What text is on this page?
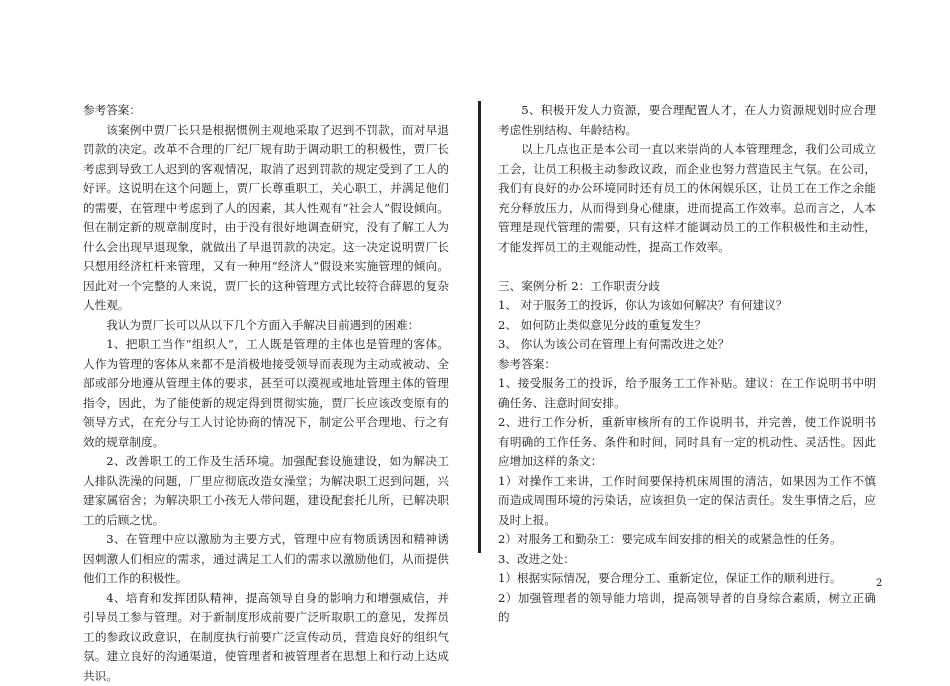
参考答案：

该案例中贾厂长只是根据惯例主观地采取了迟到不罚款，而对早退罚款的决定。改革不合理的厂纪厂规有助于调动职工的积极性，贾厂长考虑到导致工人迟到的客观情况，取消了迟到罚款的规定受到了工人的好评。这说明在这个问题上，贾厂长尊重职工，关心职工，并满足他们的需要，在管理中考虑到了人的因素，其人性观有“社会人”假设倾向。但在制定新的规章制度时，由于没有很好地调查研究，没有了解工人为什么会出现早退现象，就做出了早退罚款的决定。这一决定说明贾厂长只想用经济杠杆来管理，又有一种用“经济人”假设来实施管理的倾向。因此对一个完整的人来说，贾厂长的这种管理方式比较符合薛恩的复杂人性观。

我认为贾厂长可以从以下几个方面入手解决目前遇到的困难：

1、把职工当作“组织人”，工人既是管理的主体也是管理的客体。人作为管理的客体从来都不是消极地接受领导而表现为主动或被动、全部或部分地遵从管理主体的要求，甚至可以漠视或地址管理主体的管理指令，因此，为了能使新的规定得到贯彻实施，贾厂长应该改变原有的领导方式，在充分与工人讨论协商的情况下，制定公平合理地、行之有效的规章制度。

2、改善职工的工作及生活环境。加强配套设施建设，如为解决工人排队洗澡的问题，厂里应彻底改造女澡堂；为解决职工迟到问题，兴建家属宿舍；为解决职工小孩无人带问题，建设配套托儿所，已解决职工的后顾之忧。

3、在管理中应以激励为主要方式，管理中应有物质诱因和精神诱因刺激人们相应的需求，通过满足工人们的需求以激励他们，从而提供他们工作的积极性。

4、培育和发挥团队精神，提高领导自身的影响力和增强威信，并引导员工参与管理。对于新制度形成前要广泛听取职工的意见，发挥员工的参政议政意识，在制度执行前要广泛宣传动员，营造良好的组织气氛。建立良好的沟通渠道，使管理者和被管理者在思想上和行动上达成共识。

5、积极开发人力资源，要合理配置人才，在人力资源规划时应合理考虑性别结构、年龄结构。

以上几点也正是本公司一直以来崇尚的人本管理理念，我们公司成立工会，让员工积极主动参政议政，而企业也努力营造民主气氛。在公司，我们有良好的办公环境同时还有员工的休闲娱乐区，让员工在工作之余能充分释放压力，从而得到身心健康，进而提高工作效率。总而言之，人本管理是现代管理的需要，只有这样才能调动员工的工作积极性和主动性，才能发挥员工的主观能动性，提高工作效率。

三、案例分析 2：工作职责分歧

1、 对于服务工的投诉，你认为该如何解决？有何建议？

2、 如何防止类似意见分歧的重复发生？

3、 你认为该公司在管理上有何需改进之处？

参考答案：

1、接受服务工的投诉，给予服务工工作补贴。建议：在工作说明书中明确任务、注意时间安排。

2、进行工作分析，重新审核所有的工作说明书，并完善，使工作说明书有明确的工作任务、条件和时间，同时具有一定的机动性、灵活性。因此应增加这样的条文：

1）对操作工来讲，工作时间要保持机床周围的清洁，如果因为工作不慎而造成周围环境的污染话，应该担负一定的保洁责任。发生事情之后，应及时上报。

2）对服务工和勤杂工：要完成车间安排的相关的或紧急性的任务。

3、改进之处：

1）根据实际情况，要合理分工、重新定位，保证工作的顺利进行。

2）加强管理者的领导能力培训，提高领导者的自身综合素质，树立正确的

2
